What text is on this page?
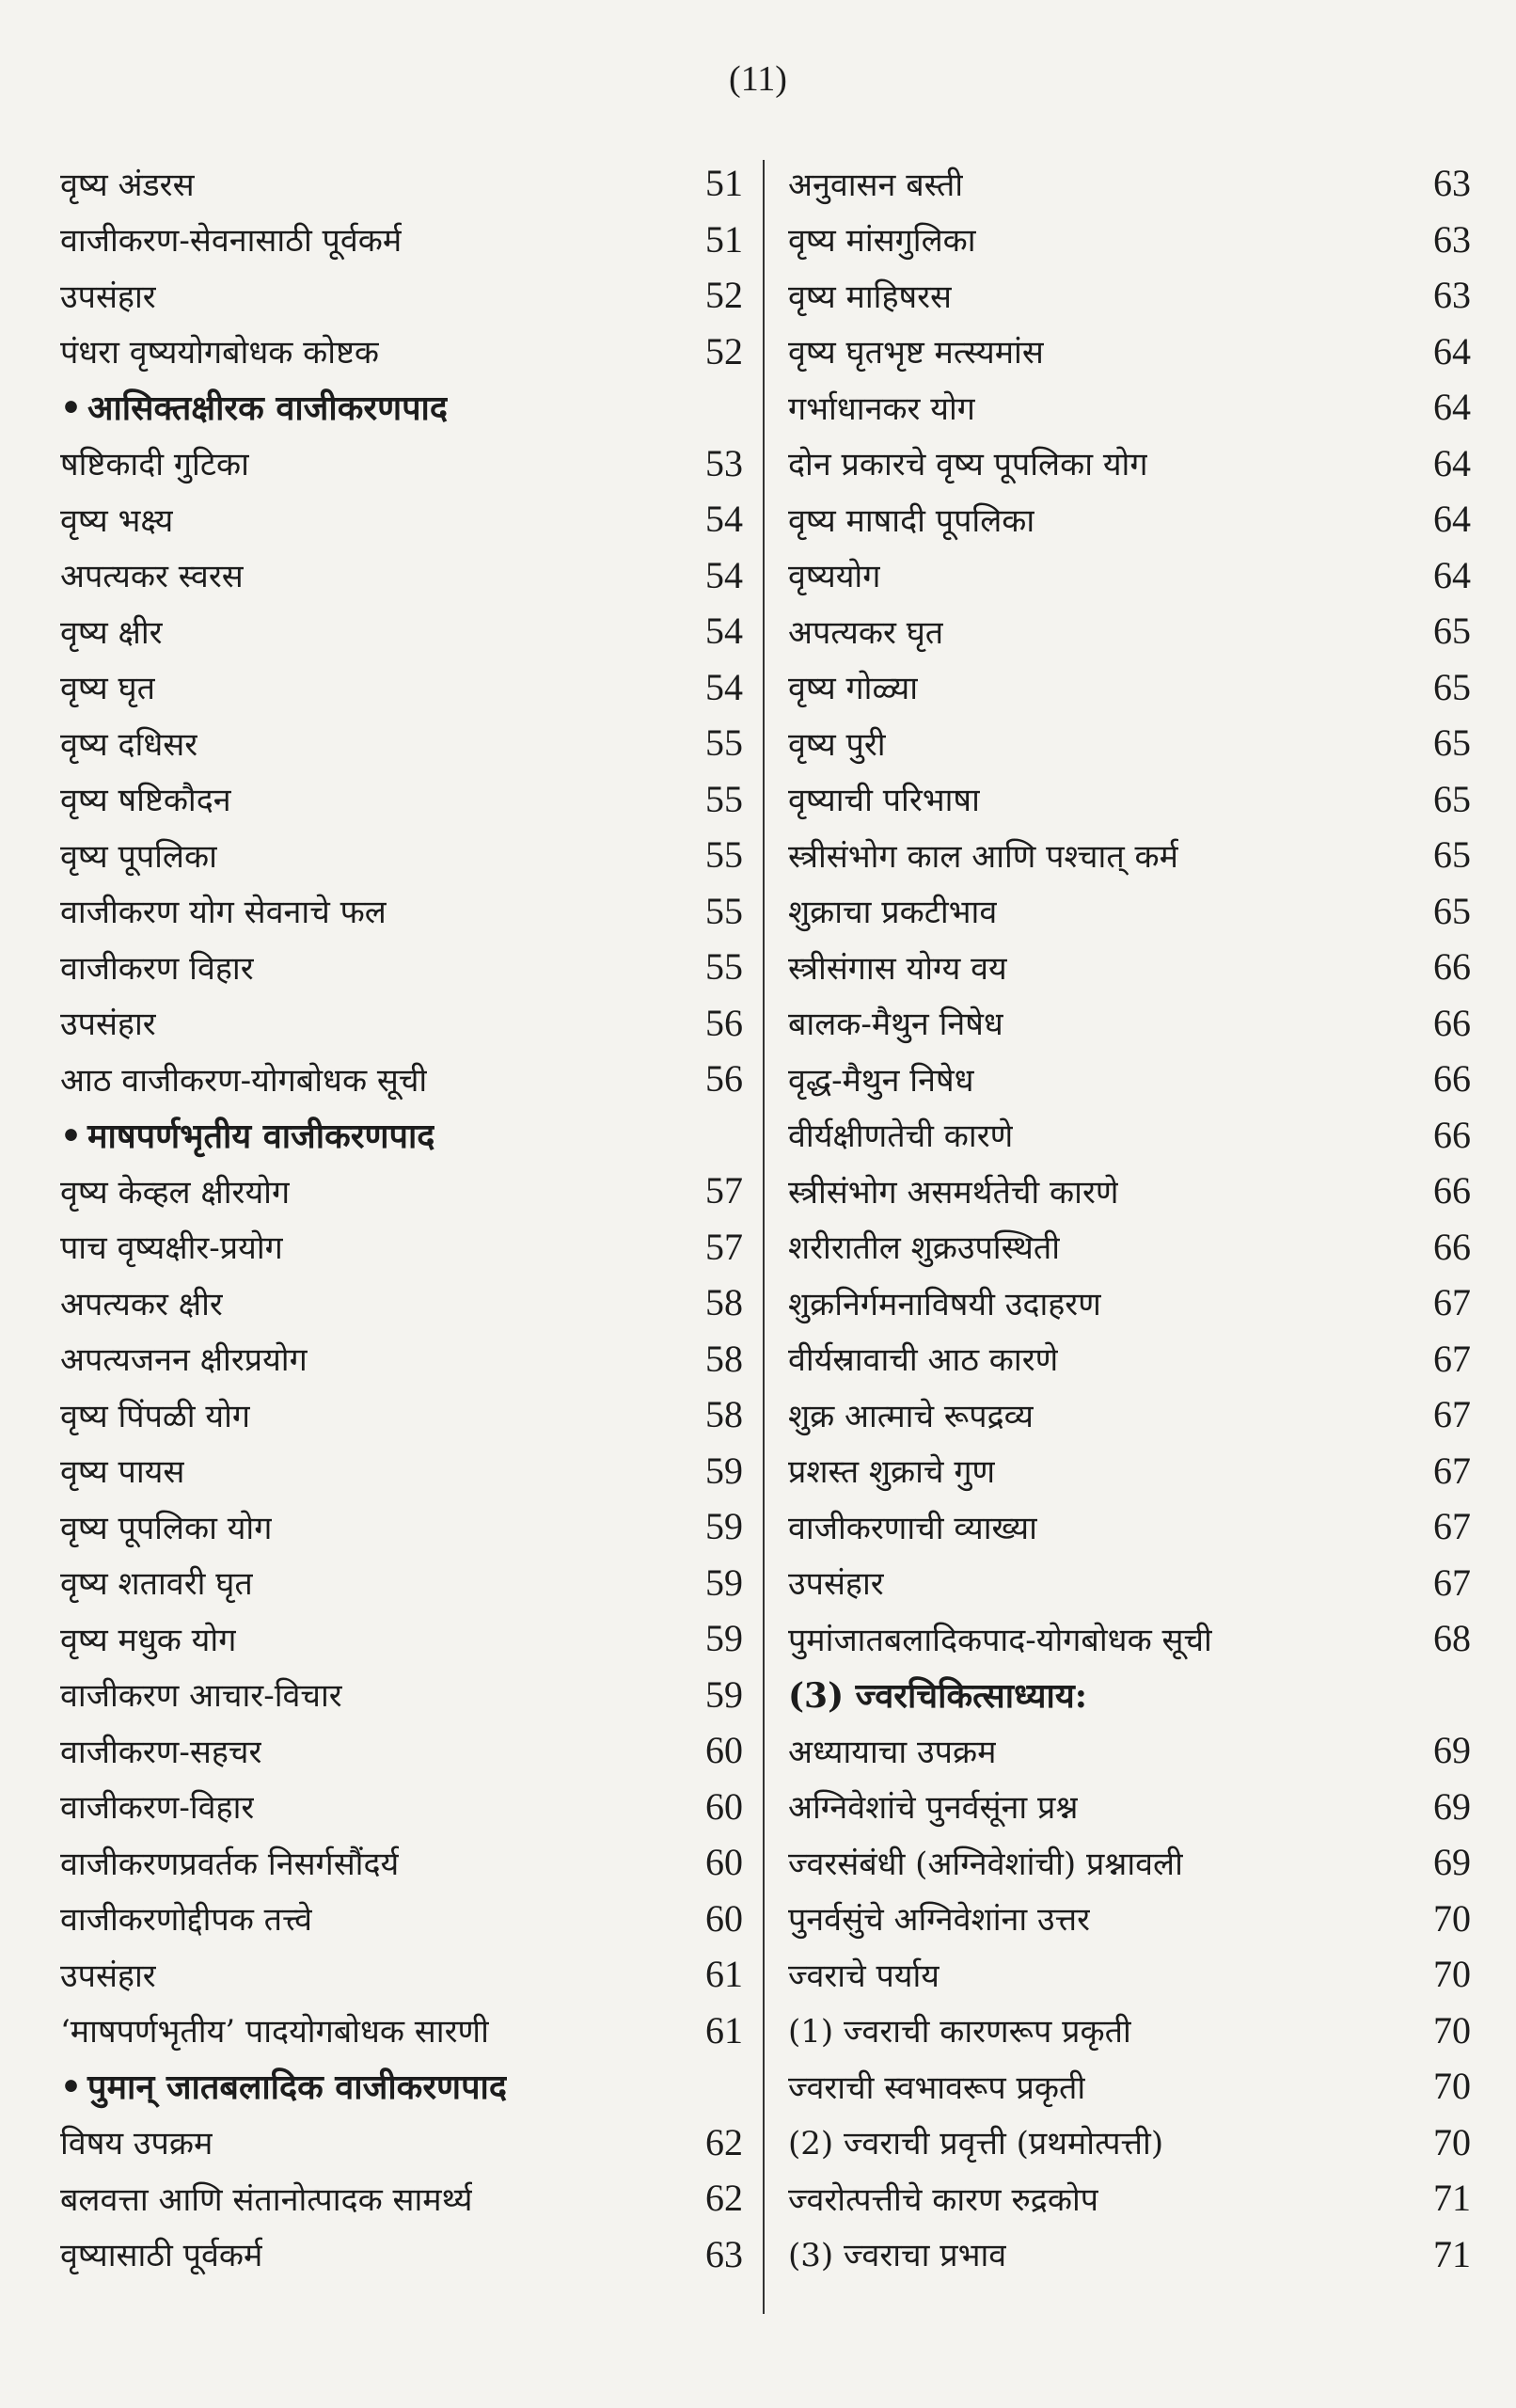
(11)
वृष्य अंडरस	51
वाजीकरण-सेवनासाठी पूर्वकर्म	51
उपसंहार	52
पंधरा वृष्ययोगबोधक कोष्टक	52
• आसिक्तक्षीरक वाजीकरणपाद
षष्टिकादी गुटिका	53
वृष्य भक्ष्य	54
अपत्यकर स्वरस	54
वृष्य क्षीर	54
वृष्य घृत	54
वृष्य दधिसर	55
वृष्य षष्टिकौदन	55
वृष्य पूपलिका	55
वाजीकरण योग सेवनाचे फल	55
वाजीकरण विहार	55
उपसंहार	56
आठ वाजीकरण-योगबोधक सूची	56
• माषपर्णभृतीय वाजीकरणपाद
वृष्य केव्हल क्षीरयोग	57
पाच वृष्यक्षीर-प्रयोग	57
अपत्यकर क्षीर	58
अपत्यजनन क्षीरप्रयोग	58
वृष्य पिंपळी योग	58
वृष्य पायस	59
वृष्य पूपलिका योग	59
वृष्य शतावरी घृत	59
वृष्य मधुक योग	59
वाजीकरण आचार-विचार	59
वाजीकरण-सहचर	60
वाजीकरण-विहार	60
वाजीकरणप्रवर्तक निसर्गसौंदर्य	60
वाजीकरणोद्दीपक तत्त्वे	60
उपसंहार	61
‘माषपर्णभृतीय’ पादयोगबोधक सारणी	61
• पुमान् जातबलादिक वाजीकरणपाद
विषय उपक्रम	62
बलवत्ता आणि संतानोत्पादक सामर्थ्य	62
वृष्यासाठी पूर्वकर्म	63
अनुवासन बस्ती	63
वृष्य मांसगुलिका	63
वृष्य माहिषरस	63
वृष्य घृतभृष्ट मत्स्यमांस	64
गर्भाधानकर योग	64
दोन प्रकारचे वृष्य पूपलिका योग	64
वृष्य माषादी पूपलिका	64
वृष्ययोग	64
अपत्यकर घृत	65
वृष्य गोळ्या	65
वृष्य पुरी	65
वृष्याची परिभाषा	65
स्त्रीसंभोग काल आणि पश्चात् कर्म	65
शुक्राचा प्रकटीभाव	65
स्त्रीसंगास योग्य वय	66
बालक-मैथुन निषेध	66
वृद्ध-मैथुन निषेध	66
वीर्यक्षीणतेची कारणे	66
स्त्रीसंभोग असमर्थतेची कारणे	66
शरीरातील शुक्रउपस्थिती	66
शुक्रनिर्गमनाविषयी उदाहरण	67
वीर्यस्रावाची आठ कारणे	67
शुक्र आत्माचे रूपद्रव्य	67
प्रशस्त शुक्राचे गुण	67
वाजीकरणाची व्याख्या	67
उपसंहार	67
पुमांजातबलादिकपाद-योगबोधक सूची	68
(3) ज्वरचिकित्साध्याय:
अध्यायाचा उपक्रम	69
अग्निवेशांचे पुनर्वसूंना प्रश्न	69
ज्वरसंबंधी (अग्निवेशांची) प्रश्नावली	69
पुनर्वसुंचे अग्निवेशांना उत्तर	70
ज्वराचे पर्याय	70
(1) ज्वराची कारणरूप प्रकृती	70
ज्वराची स्वभावरूप प्रकृती	70
(2) ज्वराची प्रवृत्ती (प्रथमोत्पत्ती)	70
ज्वरोत्पत्तीचे कारण रुद्रकोप	71
(3) ज्वराचा प्रभाव	71
